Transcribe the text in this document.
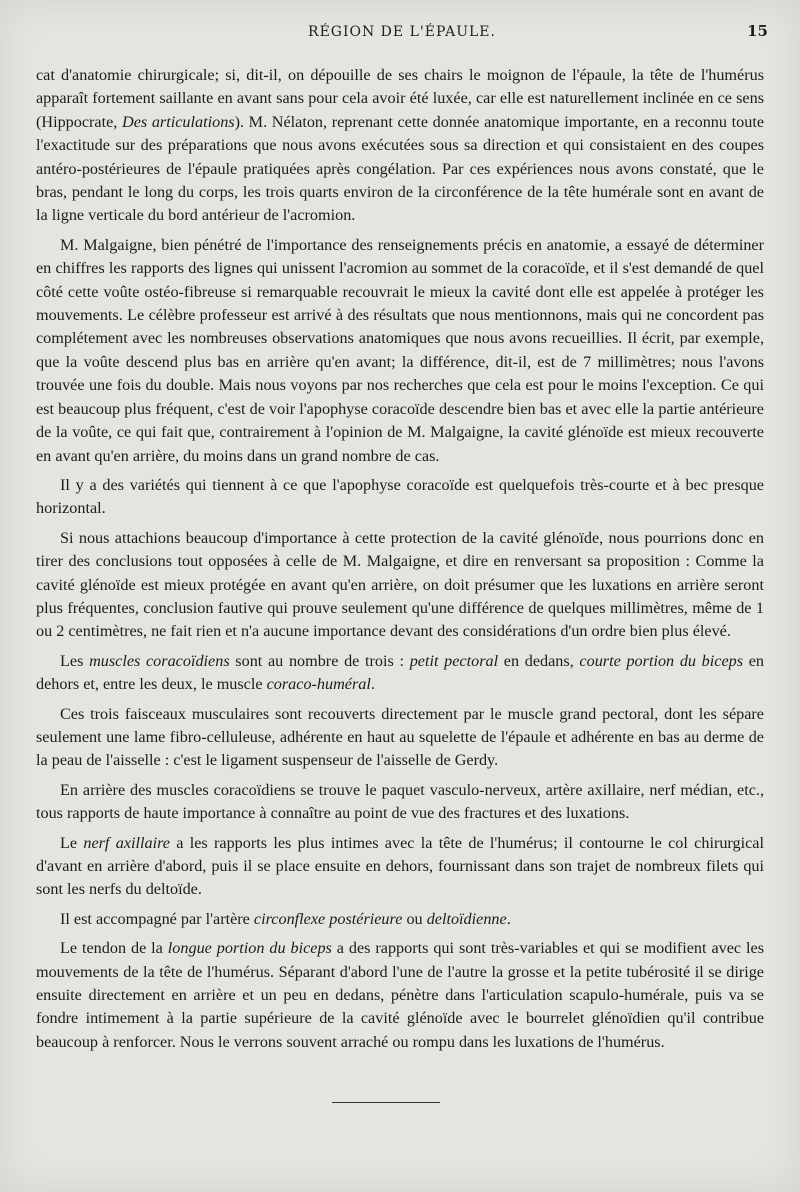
RÉGION DE L'ÉPAULE.	15

cat d'anatomie chirurgicale; si, dit-il, on dépouille de ses chairs le moignon de l'épaule, la tête de l'humérus apparaît fortement saillante en avant sans pour cela avoir été luxée, car elle est naturellement inclinée en ce sens (Hippocrate, Des articulations). M. Nélaton, reprenant cette donnée anatomique importante, en a reconnu toute l'exactitude sur des préparations que nous avons exécutées sous sa direction et qui consistaient en des coupes antéro-postérieures de l'épaule pratiquées après congélation. Par ces expériences nous avons constaté, que le bras, pendant le long du corps, les trois quarts environ de la circonférence de la tête humérale sont en avant de la ligne verticale du bord antérieur de l'acromion.

M. Malgaigne, bien pénétré de l'importance des renseignements précis en anatomie, a essayé de déterminer en chiffres les rapports des lignes qui unissent l'acromion au sommet de la coracoïde, et il s'est demandé de quel côté cette voûte ostéo-fibreuse si remarquable recouvrait le mieux la cavité dont elle est appelée à protéger les mouvements. Le célèbre professeur est arrivé à des résultats que nous mentionnons, mais qui ne concordent pas complétement avec les nombreuses observations anatomiques que nous avons recueillies. Il écrit, par exemple, que la voûte descend plus bas en arrière qu'en avant; la différence, dit-il, est de 7 millimètres; nous l'avons trouvée une fois du double. Mais nous voyons par nos recherches que cela est pour le moins l'exception. Ce qui est beaucoup plus fréquent, c'est de voir l'apophyse coracoïde descendre bien bas et avec elle la partie antérieure de la voûte, ce qui fait que, contrairement à l'opinion de M. Malgaigne, la cavité glénoïde est mieux recouverte en avant qu'en arrière, du moins dans un grand nombre de cas.

Il y a des variétés qui tiennent à ce que l'apophyse coracoïde est quelquefois très-courte et à bec presque horizontal.

Si nous attachions beaucoup d'importance à cette protection de la cavité glénoïde, nous pourrions donc en tirer des conclusions tout opposées à celle de M. Malgaigne, et dire en renversant sa proposition : Comme la cavité glénoïde est mieux protégée en avant qu'en arrière, on doit présumer que les luxations en arrière seront plus fréquentes, conclusion fautive qui prouve seulement qu'une différence de quelques millimètres, même de 1 ou 2 centimètres, ne fait rien et n'a aucune importance devant des considérations d'un ordre bien plus élevé.

Les muscles coracoïdiens sont au nombre de trois : petit pectoral en dedans, courte portion du biceps en dehors et, entre les deux, le muscle coraco-huméral.

Ces trois faisceaux musculaires sont recouverts directement par le muscle grand pectoral, dont les sépare seulement une lame fibro-celluleuse, adhérente en haut au squelette de l'épaule et adhérente en bas au derme de la peau de l'aisselle : c'est le ligament suspenseur de l'aisselle de Gerdy.

En arrière des muscles coracoïdiens se trouve le paquet vasculo-nerveux, artère axillaire, nerf médian, etc., tous rapports de haute importance à connaître au point de vue des fractures et des luxations.

Le nerf axillaire a les rapports les plus intimes avec la tête de l'humérus; il contourne le col chirurgical d'avant en arrière d'abord, puis il se place ensuite en dehors, fournissant dans son trajet de nombreux filets qui sont les nerfs du deltoïde.

Il est accompagné par l'artère circonflexe postérieure ou deltoïdienne.

Le tendon de la longue portion du biceps a des rapports qui sont très-variables et qui se modifient avec les mouvements de la tête de l'humérus. Séparant d'abord l'une de l'autre la grosse et la petite tubérosité il se dirige ensuite directement en arrière et un peu en dedans, pénètre dans l'articulation scapulo-humérale, puis va se fondre intimement à la partie supérieure de la cavité glénoïde avec le bourrelet glénoïdien qu'il contribue beaucoup à renforcer. Nous le verrons souvent arraché ou rompu dans les luxations de l'humérus.
